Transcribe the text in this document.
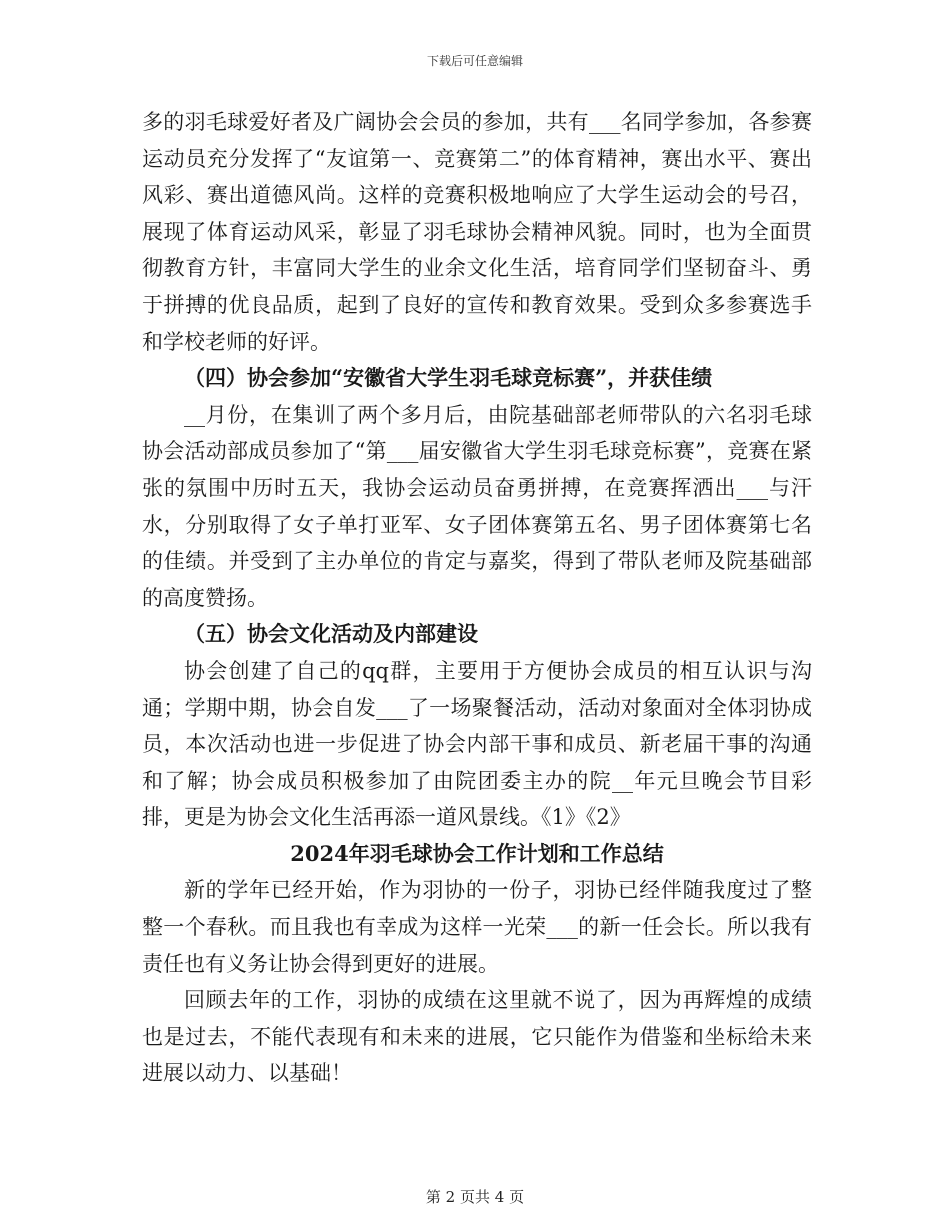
下载后可任意编辑

多的羽毛球爱好者及广阔协会会员的参加，共有___名同学参加，各参赛运动员充分发挥了“友谊第一、竞赛第二”的体育精神，赛出水平、赛出风彩、赛出道德风尚。这样的竞赛积极地响应了大学生运动会的号召，展现了体育运动风采，彰显了羽毛球协会精神风貌。同时，也为全面贯彻教育方针，丰富同大学生的业余文化生活，培育同学们坚韧奋斗、勇于拼搏的优良品质，起到了良好的宣传和教育效果。受到众多参赛选手和学校老师的好评。

（四）协会参加“安徽省大学生羽毛球竞标赛”，并获佳绩

__月份，在集训了两个多月后，由院基础部老师带队的六名羽毛球协会活动部成员参加了“第___届安徽省大学生羽毛球竞标赛”，竞赛在紧张的氛围中历时五天，我协会运动员奋勇拼搏，在竞赛挥洒出___与汗水，分别取得了女子单打亚军、女子团体赛第五名、男子团体赛第七名的佳绩。并受到了主办单位的肯定与嘉奖，得到了带队老师及院基础部的高度赞扬。

（五）协会文化活动及内部建设

协会创建了自己的qq群，主要用于方便协会成员的相互认识与沟通；学期中期，协会自发___了一场聚餐活动，活动对象面对全体羽协成员，本次活动也进一步促进了协会内部干事和成员、新老届干事的沟通和了解；协会成员积极参加了由院团委主办的院__年元旦晚会节目彩排，更是为协会文化生活再添一道风景线。《1》《2》

2024年羽毛球协会工作计划和工作总结

新的学年已经开始，作为羽协的一份子，羽协已经伴随我度过了整整一个春秋。而且我也有幸成为这样一光荣___的新一任会长。所以我有责任也有义务让协会得到更好的进展。

回顾去年的工作，羽协的成绩在这里就不说了，因为再辉煌的成绩也是过去，不能代表现有和未来的进展，它只能作为借鉴和坐标给未来进展以动力、以基础！

第 2 页共 4 页
